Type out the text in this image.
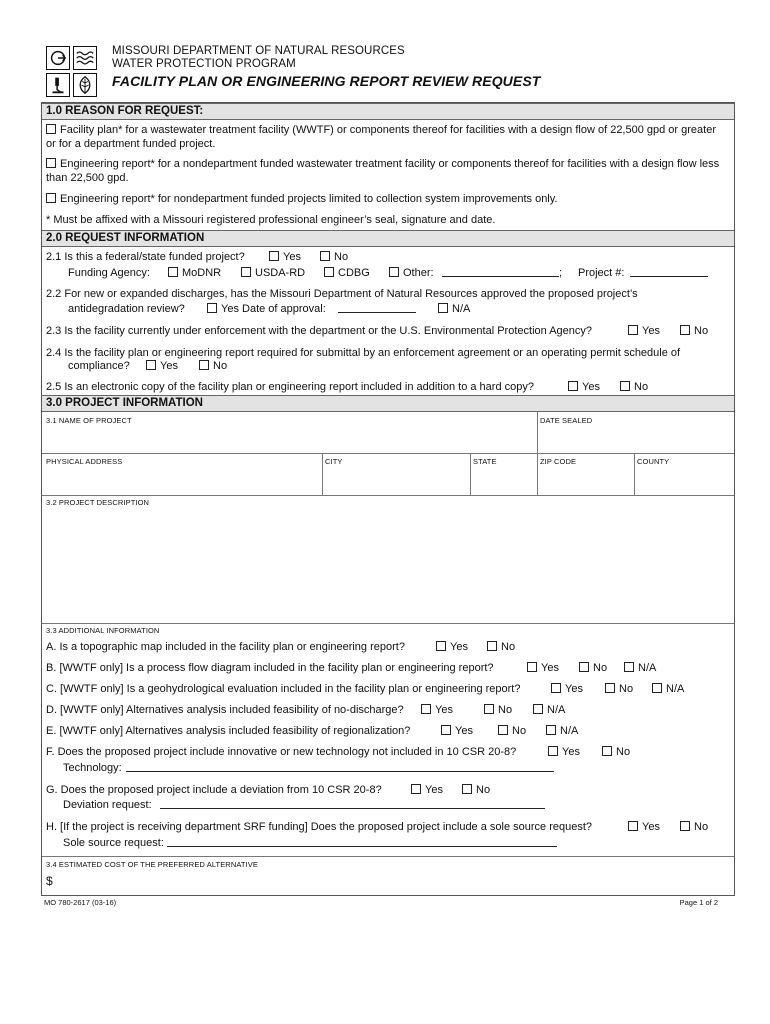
MISSOURI DEPARTMENT OF NATURAL RESOURCES
WATER PROTECTION PROGRAM
FACILITY PLAN OR ENGINEERING REPORT REVIEW REQUEST
1.0 REASON FOR REQUEST:
Facility plan* for a wastewater treatment facility (WWTF) or components thereof for facilities with a design flow of 22,500 gpd or greater or for a department funded project.
Engineering report* for a nondepartment funded wastewater treatment facility or components thereof for facilities with a design flow less than 22,500 gpd.
Engineering report* for nondepartment funded projects limited to collection system improvements only.
* Must be affixed with a Missouri registered professional engineer’s seal, signature and date.
2.0 REQUEST INFORMATION
2.1 Is this a federal/state funded project?	Yes	No
Funding Agency:	MoDNR	USDA-RD	CDBG	Other:	; Project #:
2.2 For new or expanded discharges, has the Missouri Department of Natural Resources approved the proposed project’s
antidegradation review?	Yes Date of approval:	N/A
2.3 Is the facility currently under enforcement with the department or the U.S. Environmental Protection Agency?	Yes	No
2.4 Is the facility plan or engineering report required for submittal by an enforcement agreement or an operating permit schedule of
compliance?	Yes	No
2.5 Is an electronic copy of the facility plan or engineering report included in addition to a hard copy?	Yes	No
3.0 PROJECT INFORMATION
3.1 NAME OF PROJECT	DATE SEALED
PHYSICAL ADDRESS	CITY	STATE	ZIP CODE	COUNTY
3.2 PROJECT DESCRIPTION
3.3 ADDITIONAL INFORMATION
A. Is a topographic map included in the facility plan or engineering report?	Yes	No
B. [WWTF only] Is a process flow diagram included in the facility plan or engineering report?	Yes	No	N/A
C. [WWTF only] Is a geohydrological evaluation included in the facility plan or engineering report?	Yes	No	N/A
D. [WWTF only] Alternatives analysis included feasibility of no-discharge?	Yes	No	N/A
E. [WWTF only] Alternatives analysis included feasibility of regionalization?	Yes	No	N/A
F. Does the proposed project include innovative or new technology not included in 10 CSR 20-8?	Yes	No
Technology:
G. Does the proposed project include a deviation from 10 CSR 20-8?	Yes	No
Deviation request:
H. [If the project is receiving department SRF funding] Does the proposed project include a sole source request?	Yes	No
Sole source request:
3.4 ESTIMATED COST OF THE PREFERRED ALTERNATIVE
$
MO 780-2617 (03-16)	Page 1 of 2
